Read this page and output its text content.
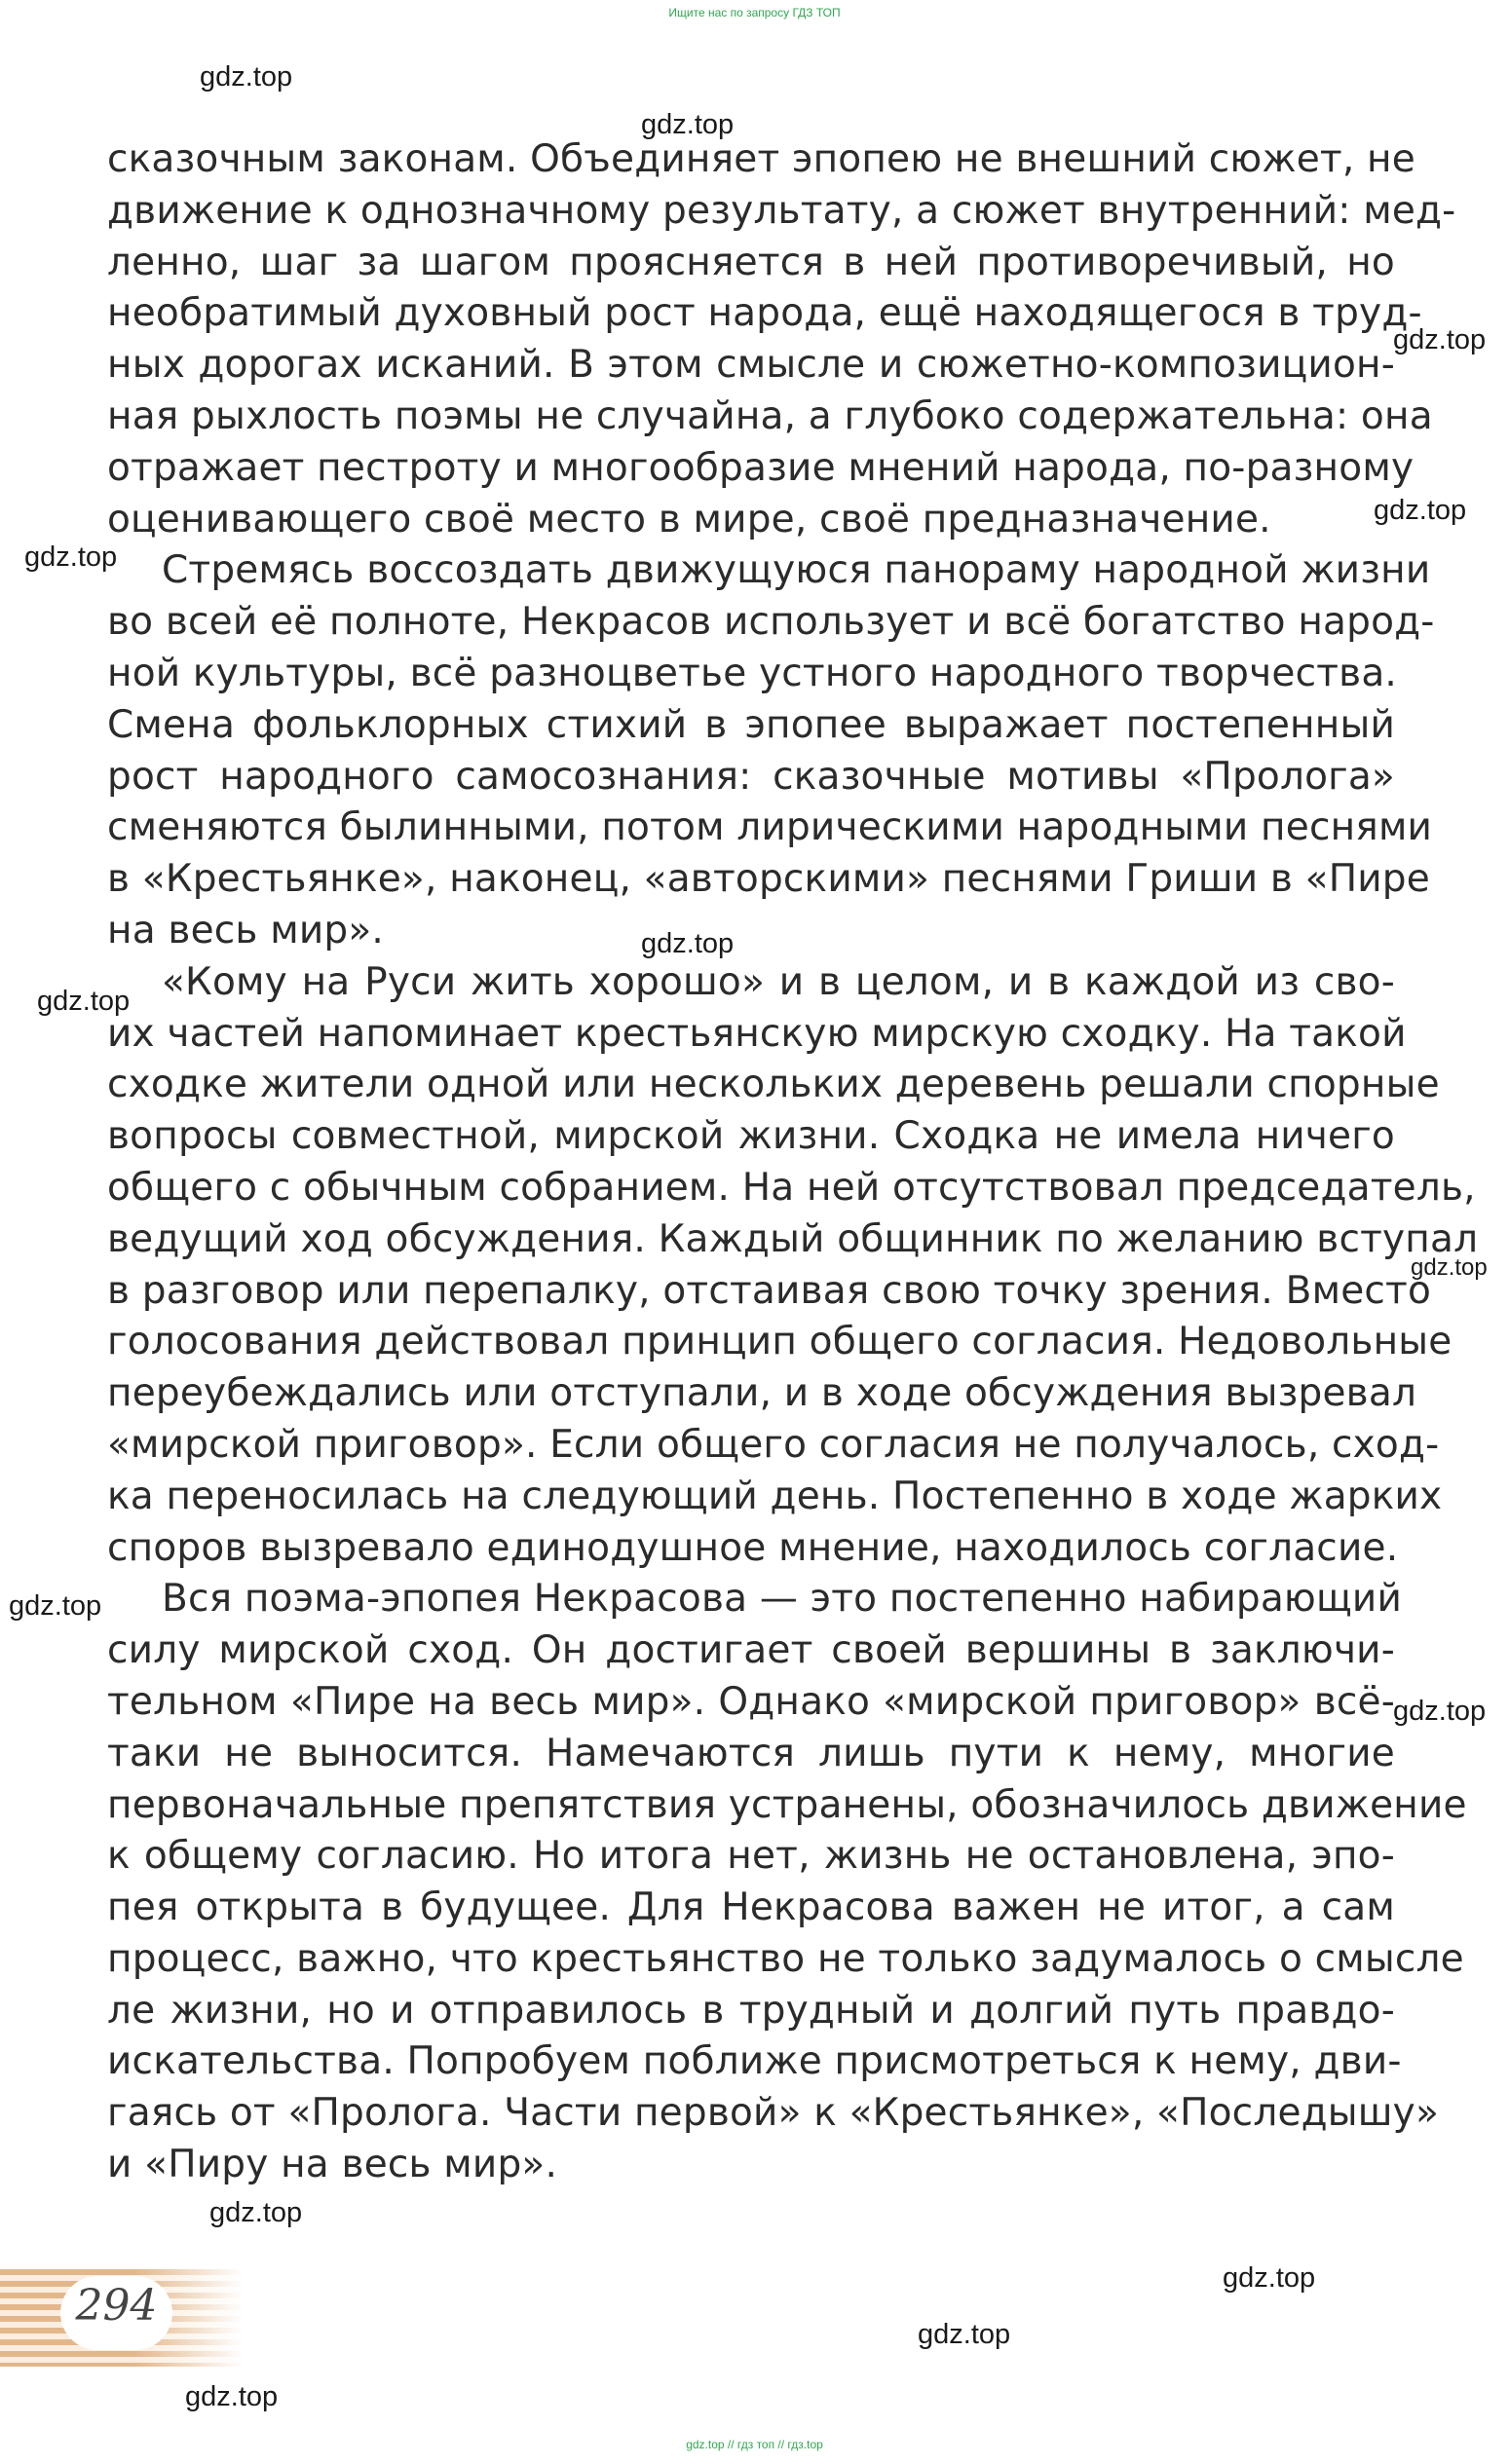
Ищите нас по запросу ГДЗ ТОП
сказочным законам. Объединяет эпопею не внешний сюжет, не
движение к однозначному результату, а сюжет внутренний: мед-
ленно, шаг за шагом проясняется в ней противоречивый, но
необратимый духовный рост народа, ещё находящегося в труд-
ных дорогах исканий. В этом смысле и сюжетно-композицион-
ная рыхлость поэмы не случайна, а глубоко содержательна: она
отражает пестроту и многообразие мнений народа, по-разному
оценивающего своё место в мире, своё предназначение.
Стремясь воссоздать движущуюся панораму народной жизни
во всей её полноте, Некрасов использует и всё богатство народ-
ной культуры, всё разноцветье устного народного творчества.
Смена фольклорных стихий в эпопее выражает постепенный
рост народного самосознания: сказочные мотивы «Пролога»
сменяются былинными, потом лирическими народными песнями
в «Крестьянке», наконец, «авторскими» песнями Гриши в «Пире
на весь мир».
«Кому на Руси жить хорошо» и в целом, и в каждой из сво-
их частей напоминает крестьянскую мирскую сходку. На такой
сходке жители одной или нескольких деревень решали спорные
вопросы совместной, мирской жизни. Сходка не имела ничего
общего с обычным собранием. На ней отсутствовал председатель,
ведущий ход обсуждения. Каждый общинник по желанию вступал
в разговор или перепалку, отстаивая свою точку зрения. Вместо
голосования действовал принцип общего согласия. Недовольные
переубеждались или отступали, и в ходе обсуждения вызревал
«мирской приговор». Если общего согласия не получалось, сход-
ка переносилась на следующий день. Постепенно в ходе жарких
споров вызревало единодушное мнение, находилось согласие.
Вся поэма-эпопея Некрасова — это постепенно набирающий
силу мирской сход. Он достигает своей вершины в заключи-
тельном «Пире на весь мир». Однако «мирской приговор» всё-
таки не выносится. Намечаются лишь пути к нему, многие
первоначальные препятствия устранены, обозначилось движение
к общему согласию. Но итога нет, жизнь не остановлена, эпо-
пея открыта в будущее. Для Некрасова важен не итог, а сам
процесс, важно, что крестьянство не только задумалось о смысле
ле жизни, но и отправилось в трудный и долгий путь правдо-
искательства. Попробуем поближе присмотреться к нему, дви-
гаясь от «Пролога. Части первой» к «Крестьянке», «Последышу»
и «Пиру на весь мир».
gdz.top
gdz.top
gdz.top
gdz.top
gdz.top
gdz.top
gdz.top
gdz.top
gdz.top
gdz.top
gdz.top
gdz.top
gdz.top
gdz.top
294
gdz.top // гдз топ // гдз.top
